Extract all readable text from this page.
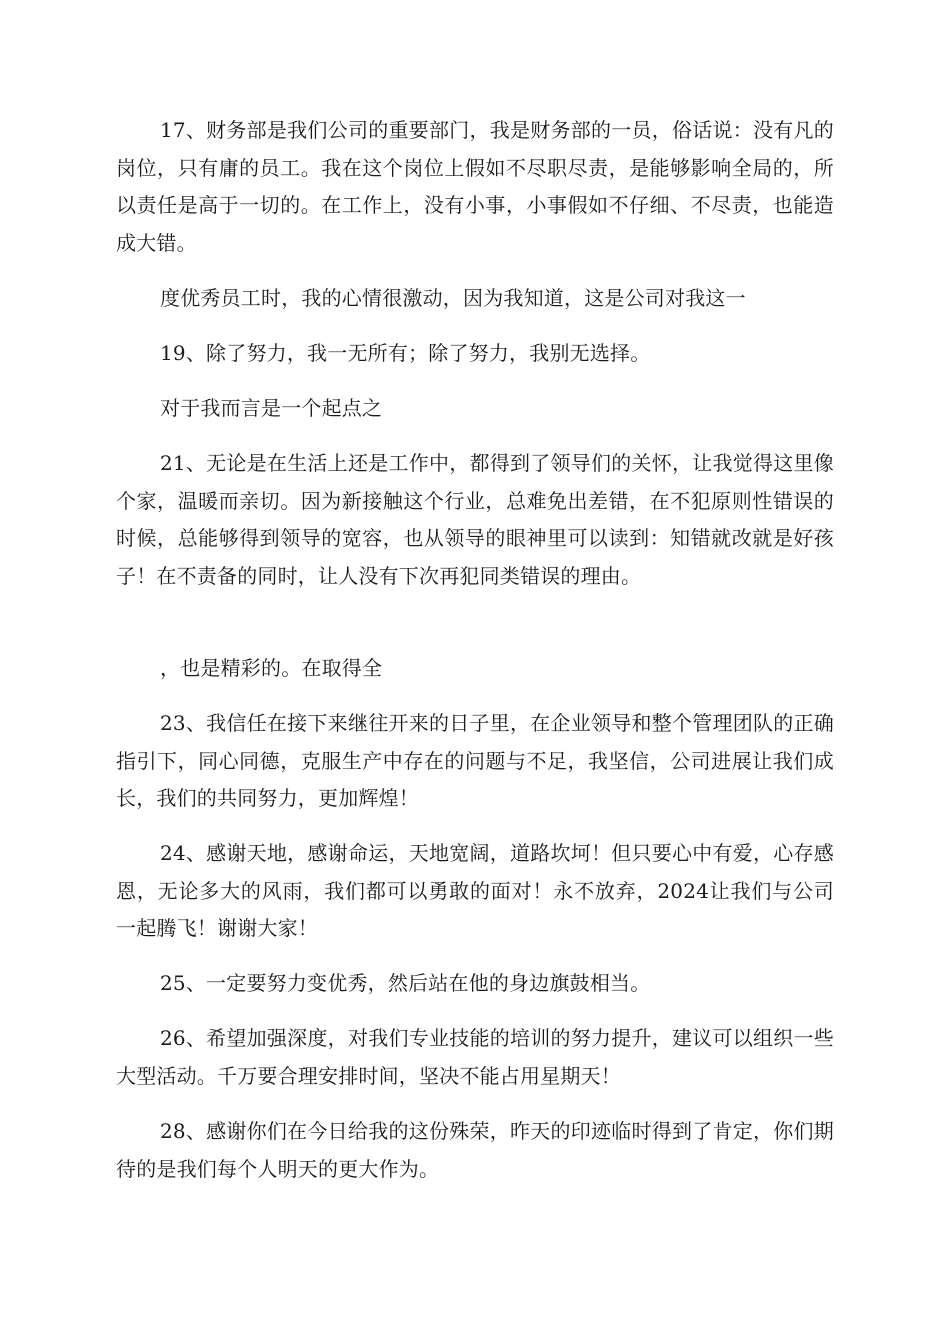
17、财务部是我们公司的重要部门，我是财务部的一员，俗话说：没有凡的岗位，只有庸的员工。我在这个岗位上假如不尽职尽责，是能够影响全局的，所以责任是高于一切的。在工作上，没有小事，小事假如不仔细、不尽责，也能造成大错。

度优秀员工时，我的心情很激动，因为我知道，这是公司对我这一

19、除了努力，我一无所有；除了努力，我别无选择。

对于我而言是一个起点之

21、无论是在生活上还是工作中，都得到了领导们的关怀，让我觉得这里像个家，温暖而亲切。因为新接触这个行业，总难免出差错，在不犯原则性错误的时候，总能够得到领导的宽容，也从领导的眼神里可以读到：知错就改就是好孩子！在不责备的同时，让人没有下次再犯同类错误的理由。

，也是精彩的。在取得全

23、我信任在接下来继往开来的日子里，在企业领导和整个管理团队的正确指引下，同心同德，克服生产中存在的问题与不足，我坚信，公司进展让我们成长，我们的共同努力，更加辉煌！

24、感谢天地，感谢命运，天地宽阔，道路坎坷！但只要心中有爱，心存感恩，无论多大的风雨，我们都可以勇敢的面对！永不放弃，2024让我们与公司一起腾飞！谢谢大家！

25、一定要努力变优秀，然后站在他的身边旗鼓相当。

26、希望加强深度，对我们专业技能的培训的努力提升，建议可以组织一些大型活动。千万要合理安排时间，坚决不能占用星期天！

28、感谢你们在今日给我的这份殊荣，昨天的印迹临时得到了肯定，你们期待的是我们每个人明天的更大作为。
